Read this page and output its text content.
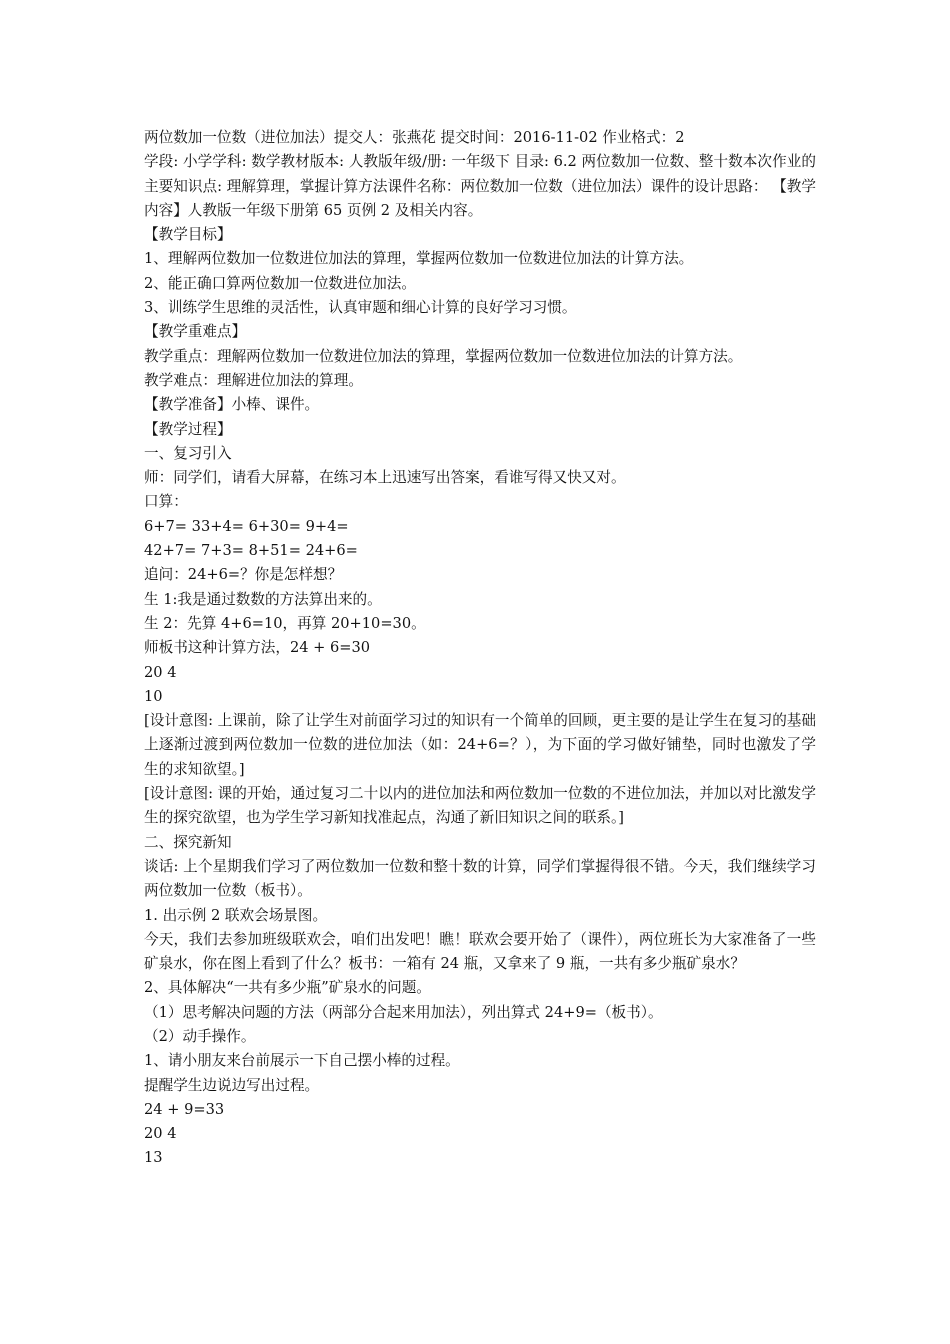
两位数加一位数（进位加法）提交人：张燕花 提交时间：2016-11-02 作业格式：2

学段: 小学学科: 数学教材版本: 人教版年级/册: 一年级下 目录: 6.2 两位数加一位数、整十数本次作业的主要知识点: 理解算理，掌握计算方法课件名称：两位数加一位数（进位加法）课件的设计思路： 【教学内容】人教版一年级下册第 65 页例 2 及相关内容。

【教学目标】

1、理解两位数加一位数进位加法的算理，掌握两位数加一位数进位加法的计算方法。

2、能正确口算两位数加一位数进位加法。

3、训练学生思维的灵活性，认真审题和细心计算的良好学习习惯。

【教学重难点】

教学重点：理解两位数加一位数进位加法的算理，掌握两位数加一位数进位加法的计算方法。

教学难点：理解进位加法的算理。

【教学准备】小棒、课件。

【教学过程】

一、复习引入

师：同学们，请看大屏幕，在练习本上迅速写出答案，看谁写得又快又对。

口算：

6+7= 33+4= 6+30= 9+4=

42+7= 7+3= 8+51= 24+6=

追问：24+6=？你是怎样想？

生 1:我是通过数数的方法算出来的。

生 2：先算 4+6=10，再算 20+10=30。

师板书这种计算方法，24 + 6=30

20 4

10

[设计意图: 上课前，除了让学生对前面学习过的知识有一个简单的回顾，更主要的是让学生在复习的基础上逐渐过渡到两位数加一位数的进位加法（如：24+6=？），为下面的学习做好铺垫，同时也激发了学生的求知欲望。]

[设计意图: 课的开始，通过复习二十以内的进位加法和两位数加一位数的不进位加法，并加以对比激发学生的探究欲望，也为学生学习新知找准起点，沟通了新旧知识之间的联系。]

二、探究新知

谈话: 上个星期我们学习了两位数加一位数和整十数的计算，同学们掌握得很不错。今天，我们继续学习两位数加一位数（板书）。

1. 出示例 2 联欢会场景图。

今天，我们去参加班级联欢会，咱们出发吧！瞧！联欢会要开始了（课件），两位班长为大家准备了一些矿泉水，你在图上看到了什么？板书：一箱有 24 瓶，又拿来了 9 瓶，一共有多少瓶矿泉水？

2、具体解决“一共有多少瓶”矿泉水的问题。

（1）思考解决问题的方法（两部分合起来用加法），列出算式 24+9=（板书）。

（2）动手操作。

1、请小朋友来台前展示一下自己摆小棒的过程。

提醒学生边说边写出过程。

24 + 9=33

20 4

13
